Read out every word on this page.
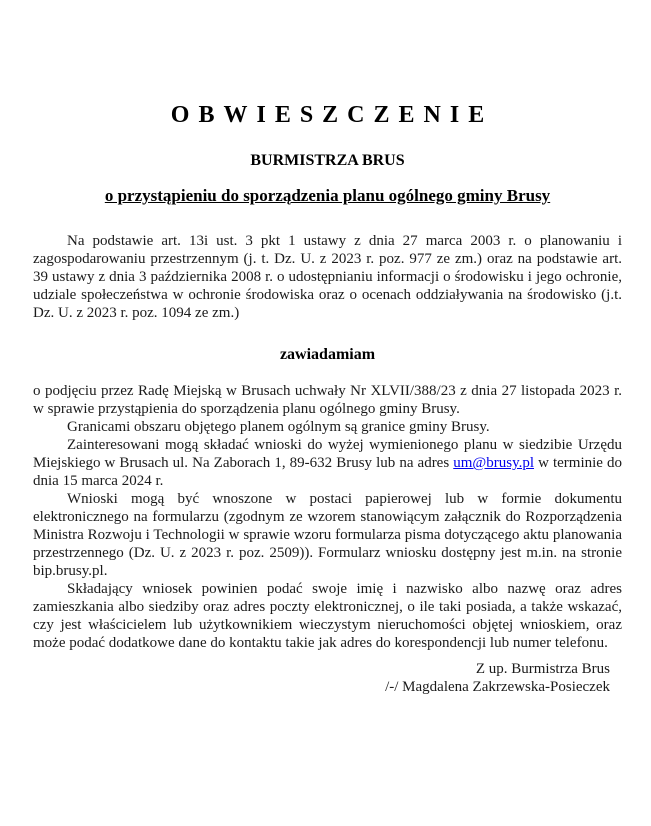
OBWIESZCZENIE
BURMISTRZA BRUS
o przystąpieniu do sporządzenia planu ogólnego gminy Brusy

Na podstawie art. 13i ust. 3 pkt 1 ustawy z dnia 27 marca 2003 r. o planowaniu i zagospodarowaniu przestrzennym (j. t. Dz. U. z 2023 r. poz. 977 ze zm.) oraz na podstawie art. 39 ustawy z dnia 3 października 2008 r. o udostępnianiu informacji o środowisku i jego ochronie, udziale społeczeństwa w ochronie środowiska oraz o ocenach oddziaływania na środowisko (j.t. Dz. U. z 2023 r. poz. 1094 ze zm.)

zawiadamiam

o podjęciu przez Radę Miejską w Brusach uchwały Nr XLVII/388/23 z dnia 27 listopada 2023 r. w sprawie przystąpienia do sporządzenia planu ogólnego gminy Brusy.

Granicami obszaru objętego planem ogólnym są granice gminy Brusy.

Zainteresowani mogą składać wnioski do wyżej wymienionego planu w siedzibie Urzędu Miejskiego w Brusach ul. Na Zaborach 1, 89-632 Brusy lub na adres um@brusy.pl w terminie do dnia 15 marca 2024 r.

Wnioski mogą być wnoszone w postaci papierowej lub w formie dokumentu elektronicznego na formularzu (zgodnym ze wzorem stanowiącym załącznik do Rozporządzenia Ministra Rozwoju i Technologii w sprawie wzoru formularza pisma dotyczącego aktu planowania przestrzennego (Dz. U. z 2023 r. poz. 2509)). Formularz wniosku dostępny jest m.in. na stronie bip.brusy.pl.

Składający wniosek powinien podać swoje imię i nazwisko albo nazwę oraz adres zamieszkania albo siedziby oraz adres poczty elektronicznej, o ile taki posiada, a także wskazać, czy jest właścicielem lub użytkownikiem wieczystym nieruchomości objętej wnioskiem, oraz może podać dodatkowe dane do kontaktu takie jak adres do korespondencji lub numer telefonu.

Z up. Burmistrza Brus
/-/ Magdalena Zakrzewska-Posieczek
